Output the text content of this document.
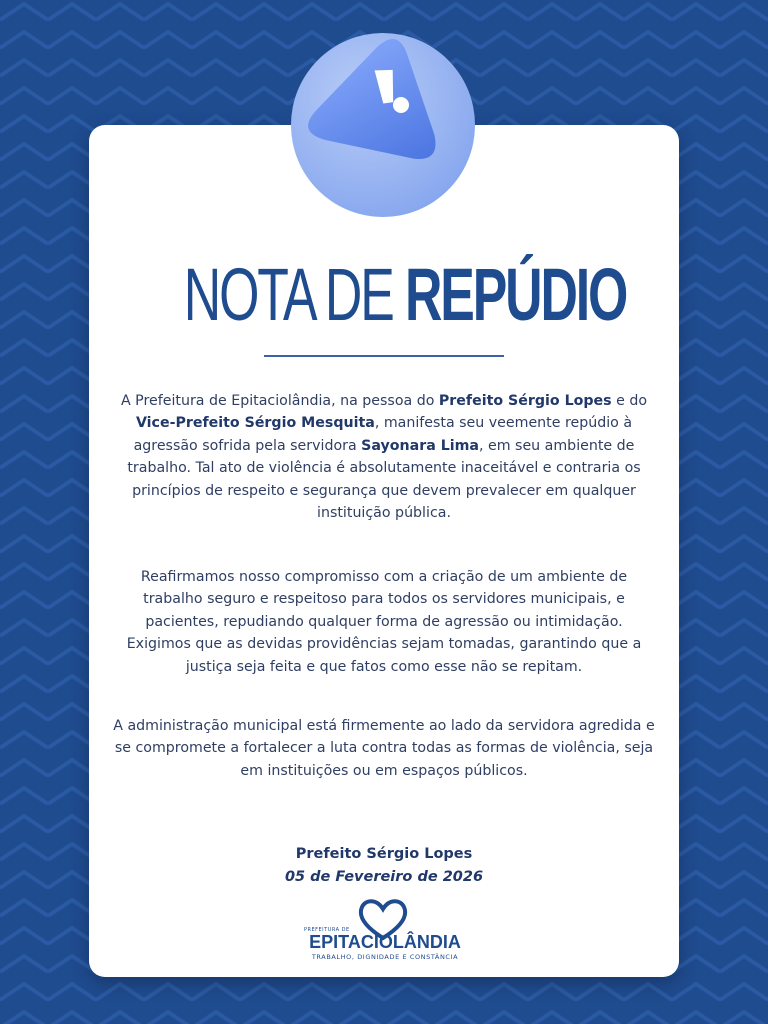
NOTA DE REPÚDIO
A Prefeitura de Epitaciolândia, na pessoa do Prefeito Sérgio Lopes e do Vice-Prefeito Sérgio Mesquita, manifesta seu veemente repúdio à agressão sofrida pela servidora Sayonara Lima, em seu ambiente de trabalho. Tal ato de violência é absolutamente inaceitável e contraria os princípios de respeito e segurança que devem prevalecer em qualquer instituição pública.
Reafirmamos nosso compromisso com a criação de um ambiente de trabalho seguro e respeitoso para todos os servidores municipais, e pacientes, repudiando qualquer forma de agressão ou intimidação. Exigimos que as devidas providências sejam tomadas, garantindo que a justiça seja feita e que fatos como esse não se repitam.
A administração municipal está firmemente ao lado da servidora agredida e se compromete a fortalecer a luta contra todas as formas de violência, seja em instituições ou em espaços públicos.
Prefeito Sérgio Lopes
05 de Fevereiro de 2026
PREFEITURA DE
EPITACIOLÂNDIA
TRABALHO, DIGNIDADE E CONSTÂNCIA
